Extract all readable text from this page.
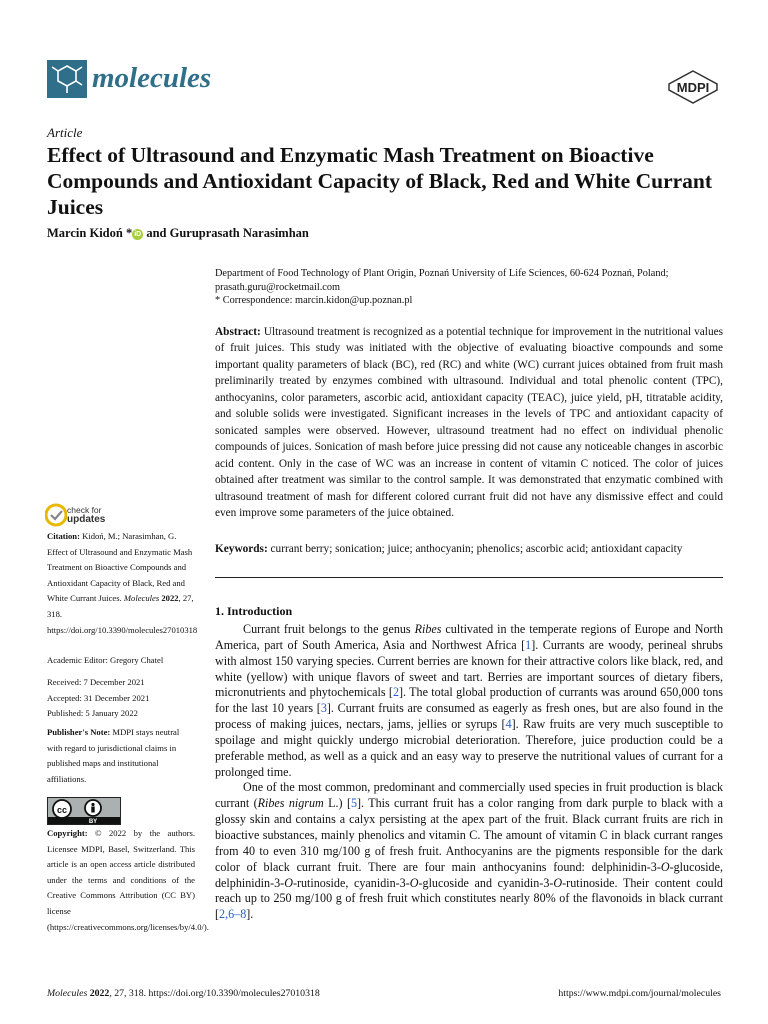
molecules	MDPI
Article
Effect of Ultrasound and Enzymatic Mash Treatment on Bioactive Compounds and Antioxidant Capacity of Black, Red and White Currant Juices
Marcin Kidoń * iD and Guruprasath Narasimhan
Department of Food Technology of Plant Origin, Poznań University of Life Sciences, 60-624 Poznań, Poland;
prasath.guru@rocketmail.com
* Correspondence: marcin.kidon@up.poznan.pl
Abstract: Ultrasound treatment is recognized as a potential technique for improvement in the nutritional values of fruit juices. This study was initiated with the objective of evaluating bioactive compounds and some important quality parameters of black (BC), red (RC) and white (WC) currant juices obtained from fruit mash preliminarily treated by enzymes combined with ultrasound. Individual and total phenolic content (TPC), anthocyanins, color parameters, ascorbic acid, antioxidant capacity (TEAC), juice yield, pH, titratable acidity, and soluble solids were investigated. Significant increases in the levels of TPC and antioxidant capacity of sonicated samples were observed. However, ultrasound treatment had no effect on individual phenolic compounds of juices. Sonication of mash before juice pressing did not cause any noticeable changes in ascorbic acid content. Only in the case of WC was an increase in content of vitamin C noticed. The color of juices obtained after treatment was similar to the control sample. It was demonstrated that enzymatic combined with ultrasound treatment of mash for different colored currant fruit did not have any dismissive effect and could even improve some parameters of the juice obtained.
Keywords: currant berry; sonication; juice; anthocyanin; phenolics; ascorbic acid; antioxidant capacity
check for
updates
Citation: Kidoń, M.; Narasimhan, G. Effect of Ultrasound and Enzymatic Mash Treatment on Bioactive Compounds and Antioxidant Capacity of Black, Red and White Currant Juices. Molecules 2022, 27, 318. https://doi.org/10.3390/molecules27010318
Academic Editor: Gregory Chatel
Received: 7 December 2021
Accepted: 31 December 2021
Published: 5 January 2022
Publisher's Note: MDPI stays neutral with regard to jurisdictional claims in published maps and institutional affiliations.
cc
BY
Copyright: © 2022 by the authors. Licensee MDPI, Basel, Switzerland. This article is an open access article distributed under the terms and conditions of the Creative Commons Attribution (CC BY) license (https://creativecommons.org/licenses/by/4.0/).
1. Introduction

Currant fruit belongs to the genus Ribes cultivated in the temperate regions of Europe and North America, part of South America, Asia and Northwest Africa [1]. Currants are woody, perineal shrubs with almost 150 varying species. Current berries are known for their attractive colors like black, red, and white (yellow) with unique flavors of sweet and tart. Berries are important sources of dietary fibers, micronutrients and phytochemicals [2]. The total global production of currants was around 650,000 tons for the last 10 years [3]. Currant fruits are consumed as eagerly as fresh ones, but are also found in the process of making juices, nectars, jams, jellies or syrups [4]. Raw fruits are very much susceptible to spoilage and might quickly undergo microbial deterioration. Therefore, juice production could be a preferable method, as well as a quick and an easy way to preserve the nutritional values of currant for a prolonged time.

One of the most common, predominant and commercially used species in fruit production is black currant (Ribes nigrum L.) [5]. This currant fruit has a color ranging from dark purple to black with a glossy skin and contains a calyx persisting at the apex part of the fruit. Black currant fruits are rich in bioactive substances, mainly phenolics and vitamin C. The amount of vitamin C in black currant ranges from 40 to even 310 mg/100 g of fresh fruit. Anthocyanins are the pigments responsible for the dark color of black currant fruit. There are four main anthocyanins found: delphinidin-3-O-glucoside, delphinidin-3-O-rutinoside, cyanidin-3-O-glucoside and cyanidin-3-O-rutinoside. Their content could reach up to 250 mg/100 g of fresh fruit which constitutes nearly 80% of the flavonoids in black currant [2,6–8].

Molecules 2022, 27, 318. https://doi.org/10.3390/molecules27010318	https://www.mdpi.com/journal/molecules
